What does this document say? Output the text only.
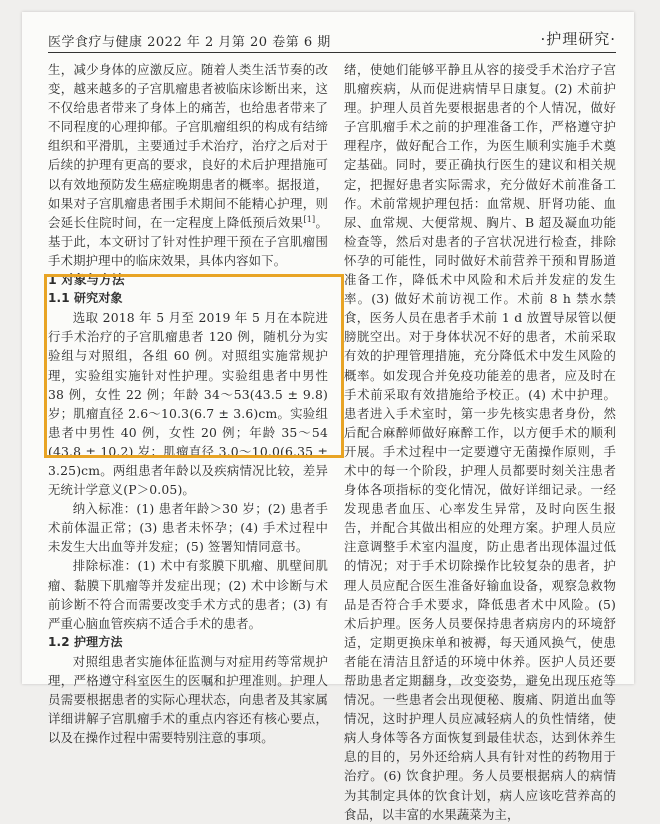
医学食疗与健康 2022 年 2 月第 20 卷第 6 期	·护理研究·

生，减少身体的应激反应。随着人类生活节奏的改变，越来越多的子宫肌瘤患者被临床诊断出来，这不仅给患者带来了身体上的痛苦，也给患者带来了不同程度的心理抑郁。子宫肌瘤组织的构成有结缔组织和平滑肌，主要通过手术治疗，治疗之后对于后续的护理有更高的要求，良好的术后护理措施可以有效地预防发生癌症晚期患者的概率。据报道，如果对子宫肌瘤患者围手术期间不能精心护理，则会延长住院时间，在一定程度上降低预后效果[1]。基于此，本文研讨了针对性护理干预在子宫肌瘤围手术期护理中的临床效果，具体内容如下。

1 对象与方法

1.1 研究对象

选取 2018 年 5 月至 2019 年 5 月在本院进行手术治疗的子宫肌瘤患者 120 例，随机分为实验组与对照组，各组 60 例。对照组实施常规护理，实验组实施针对性护理。实验组患者中男性 38 例，女性 22 例；年龄 34～53(43.5 ± 9.8) 岁；肌瘤直径 2.6～10.3(6.7 ± 3.6)cm。实验组患者中男性 40 例，女性 20 例；年龄 35～54 (43.8 ± 10.2) 岁；肌瘤直径 3.0～10.0(6.35 ± 3.25)cm。两组患者年龄以及疾病情况比较，差异无统计学意义(P＞0.05)。

纳入标准：(1) 患者年龄＞30 岁；(2) 患者手术前体温正常；(3) 患者未怀孕；(4) 手术过程中未发生大出血等并发症；(5) 签署知情同意书。

排除标准：(1) 术中有浆膜下肌瘤、肌壁间肌瘤、黏膜下肌瘤等并发症出现；(2) 术中诊断与术前诊断不符合而需要改变手术方式的患者；(3) 有严重心脑血管疾病不适合手术的患者。

1.2 护理方法

对照组患者实施体征监测与对症用药等常规护理，严格遵守科室医生的医嘱和护理准则。护理人员需要根据患者的实际心理状态，向患者及其家属详细讲解子宫肌瘤手术的重点内容还有核心要点，以及在操作过程中需要特别注意的事项。

绪，使她们能够平静且从容的接受手术治疗子宫肌瘤疾病，从而促进病情早日康复。(2) 术前护理。护理人员首先要根据患者的个人情况，做好子宫肌瘤手术之前的护理准备工作，严格遵守护理程序，做好配合工作，为医生顺利实施手术奠定基础。同时，要正确执行医生的建议和相关规定，把握好患者实际需求，充分做好术前准备工作。术前常规护理包括：血常规、肝肾功能、血尿、血常规、大便常规、胸片、B 超及凝血功能检查等，然后对患者的子宫状况进行检查，排除怀孕的可能性，同时做好术前营养干预和胃肠道准备工作，降低术中风险和术后并发症的发生率。(3) 做好术前访视工作。术前 8 h 禁水禁食，医务人员在患者手术前 1 d 放置导尿管以便膀胱空出。对于身体状况不好的患者，术前采取有效的护理管理措施，充分降低术中发生风险的概率。如发现合并免疫功能差的患者，应及时在手术前采取有效措施给予校正。(4) 术中护理。患者进入手术室时，第一步先核实患者身份，然后配合麻醉师做好麻醉工作，以方便手术的顺利开展。手术过程中一定要遵守无菌操作原则，手术中的每一个阶段，护理人员都要时刻关注患者身体各项指标的变化情况，做好详细记录。一经发现患者血压、心率发生异常，及时向医生报告，并配合其做出相应的处理方案。护理人员应注意调整手术室内温度，防止患者出现体温过低的情况；对于手术切除操作比较复杂的患者，护理人员应配合医生准备好输血设备，观察急救物品是否符合手术要求，降低患者术中风险。(5) 术后护理。医务人员要保持患者病房内的环境舒适，定期更换床单和被褥，每天通风换气，使患者能在清洁且舒适的环境中休养。医护人员还要帮助患者定期翻身，改变姿势，避免出现压疮等情况。一些患者会出现便秘、腹痛、阴道出血等情况，这时护理人员应减轻病人的负性情绪，使病人身体等各方面恢复到最佳状态，达到休养生息的目的，另外还给病人具有针对性的药物用于治疗。(6) 饮食护理。务人员要根据病人的病情为其制定具体的饮食计划，病人应该吃营养高的食品，以丰富的水果蔬菜为主，
